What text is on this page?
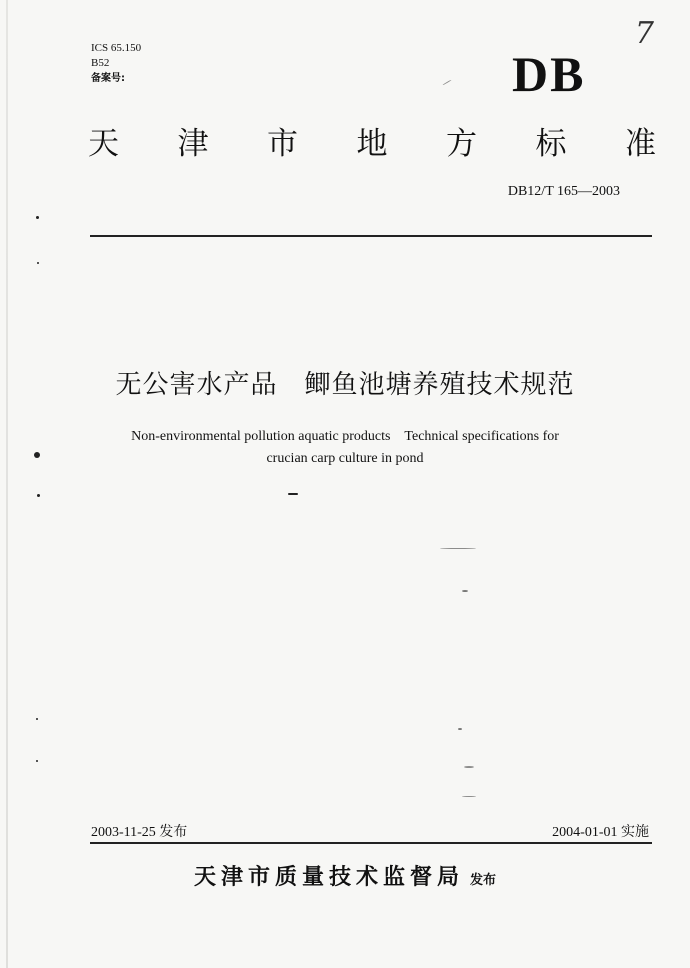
7
ICS 65.150
B52
备案号:	DB
天 津 市 地 方 标 准
DB12/T 165—2003
无公害水产品　鲫鱼池塘养殖技术规范
Non-environmental pollution aquatic products　Technical specifications for
crucian carp culture in pond
2003-11-25 发布	2004-01-01 实施
天津市质量技术监督局 发布
